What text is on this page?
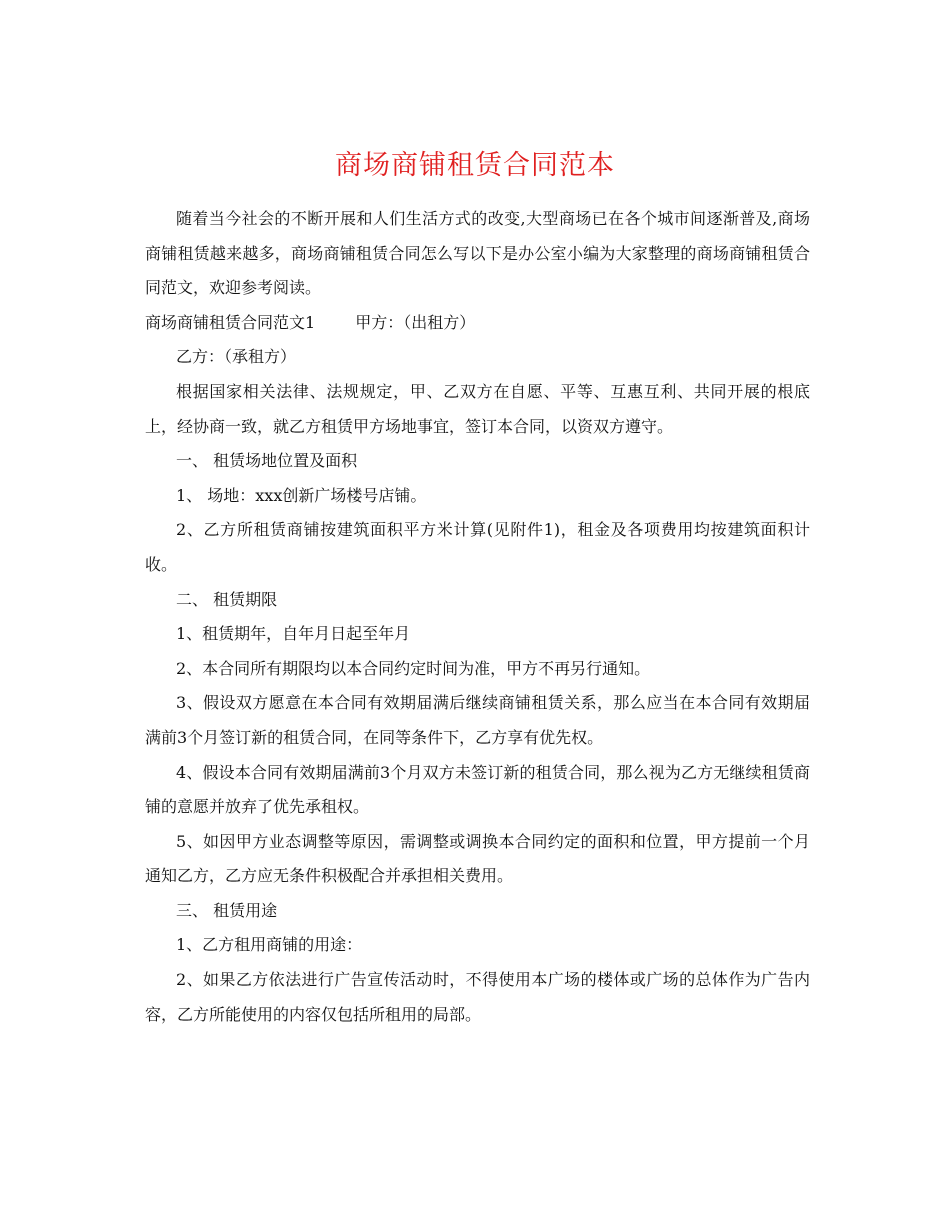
商场商铺租赁合同范本

随着当今社会的不断开展和人们生活方式的改变,大型商场已在各个城市间逐渐普及,商场商铺租赁越来越多，商场商铺租赁合同怎么写以下是办公室小编为大家整理的商场商铺租赁合同范文，欢迎参考阅读。

商场商铺租赁合同范文1	甲方：（出租方）

乙方：（承租方）

根据国家相关法律、法规规定，甲、乙双方在自愿、平等、互惠互利、共同开展的根底上，经协商一致，就乙方租赁甲方场地事宜，签订本合同，以资双方遵守。

一、 租赁场地位置及面积

1、 场地：xxx创新广场楼号店铺。

2、乙方所租赁商铺按建筑面积平方米计算(见附件1)，租金及各项费用均按建筑面积计收。

二、 租赁期限

1、租赁期年，自年月日起至年月

2、本合同所有期限均以本合同约定时间为准，甲方不再另行通知。

3、假设双方愿意在本合同有效期届满后继续商铺租赁关系，那么应当在本合同有效期届满前3个月签订新的租赁合同，在同等条件下，乙方享有优先权。

4、假设本合同有效期届满前3个月双方未签订新的租赁合同，那么视为乙方无继续租赁商铺的意愿并放弃了优先承租权。

5、如因甲方业态调整等原因，需调整或调换本合同约定的面积和位置，甲方提前一个月通知乙方，乙方应无条件积极配合并承担相关费用。

三、 租赁用途

1、乙方租用商铺的用途：

2、如果乙方依法进行广告宣传活动时，不得使用本广场的楼体或广场的总体作为广告内容，乙方所能使用的内容仅包括所租用的局部。
